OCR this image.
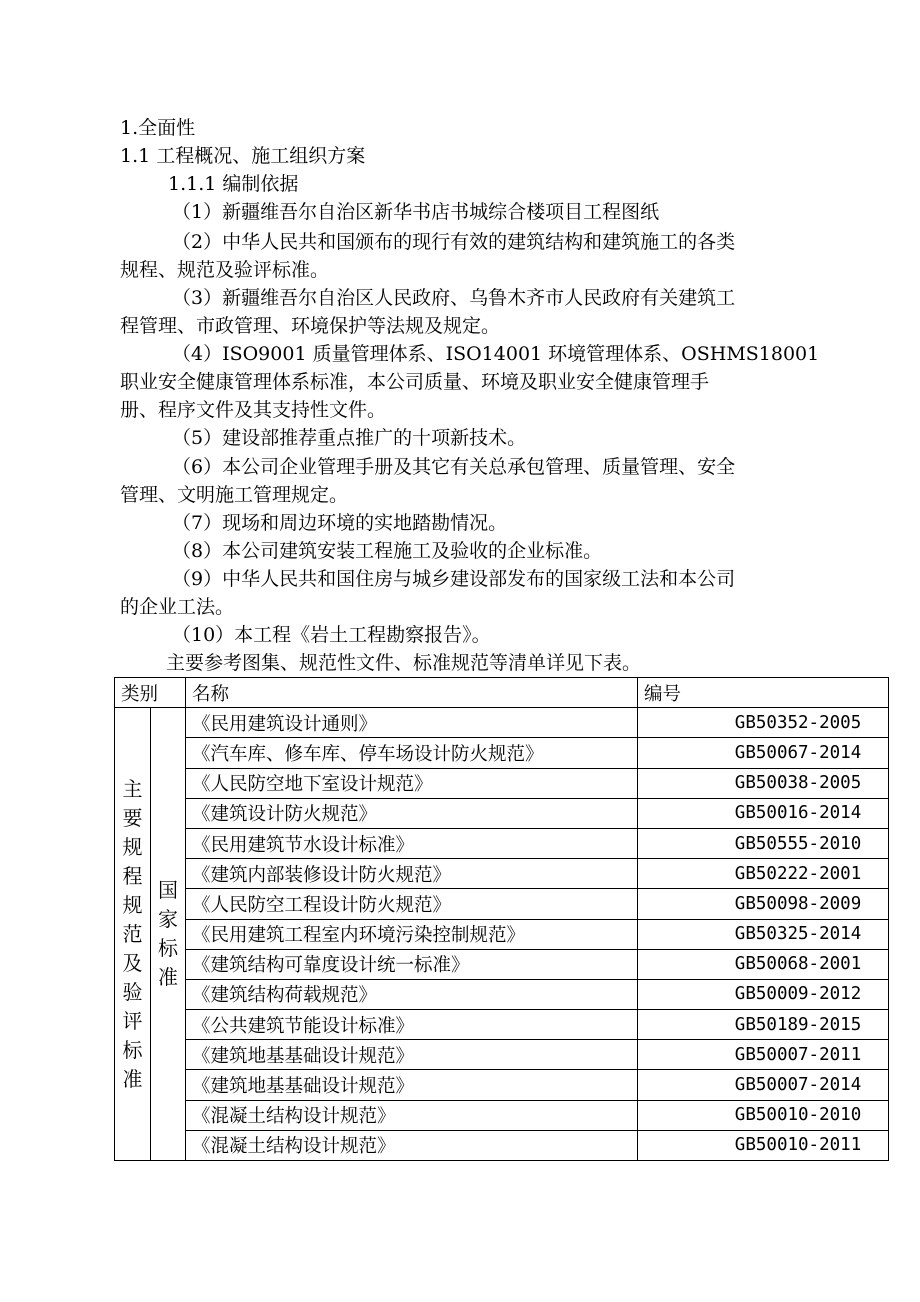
1.全面性
1.1 工程概况、施工组织方案
1.1.1 编制依据
（1）新疆维吾尔自治区新华书店书城综合楼项目工程图纸
（2）中华人民共和国颁布的现行有效的建筑结构和建筑施工的各类
规程、规范及验评标准。
（3）新疆维吾尔自治区人民政府、乌鲁木齐市人民政府有关建筑工
程管理、市政管理、环境保护等法规及规定。
（4）ISO9001 质量管理体系、ISO14001 环境管理体系、OSHMS18001
职业安全健康管理体系标准，本公司质量、环境及职业安全健康管理手
册、程序文件及其支持性文件。
（5）建设部推荐重点推广的十项新技术。
（6）本公司企业管理手册及其它有关总承包管理、质量管理、安全
管理、文明施工管理规定。
（7）现场和周边环境的实地踏勘情况。
（8）本公司建筑安装工程施工及验收的企业标准。
（9）中华人民共和国住房与城乡建设部发布的国家级工法和本公司
的企业工法。
（10）本工程《岩土工程勘察报告》。
主要参考图集、规范性文件、标准规范等清单详见下表。
类别		名称	编号

主要规程规范及验评标准	国家标准	《民用建筑设计通则》	GB50352-2005
		《汽车库、修车库、停车场设计防火规范》	GB50067-2014
		《人民防空地下室设计规范》	GB50038-2005
		《建筑设计防火规范》	GB50016-2014
		《民用建筑节水设计标准》	GB50555-2010
		《建筑内部装修设计防火规范》	GB50222-2001
		《人民防空工程设计防火规范》	GB50098-2009
		《民用建筑工程室内环境污染控制规范》	GB50325-2014
		《建筑结构可靠度设计统一标准》	GB50068-2001
		《建筑结构荷载规范》	GB50009-2012
		《公共建筑节能设计标准》	GB50189-2015
		《建筑地基基础设计规范》	GB50007-2011
		《建筑地基基础设计规范》	GB50007-2014
		《混凝土结构设计规范》	GB50010-2010
		《混凝土结构设计规范》	GB50010-2011
